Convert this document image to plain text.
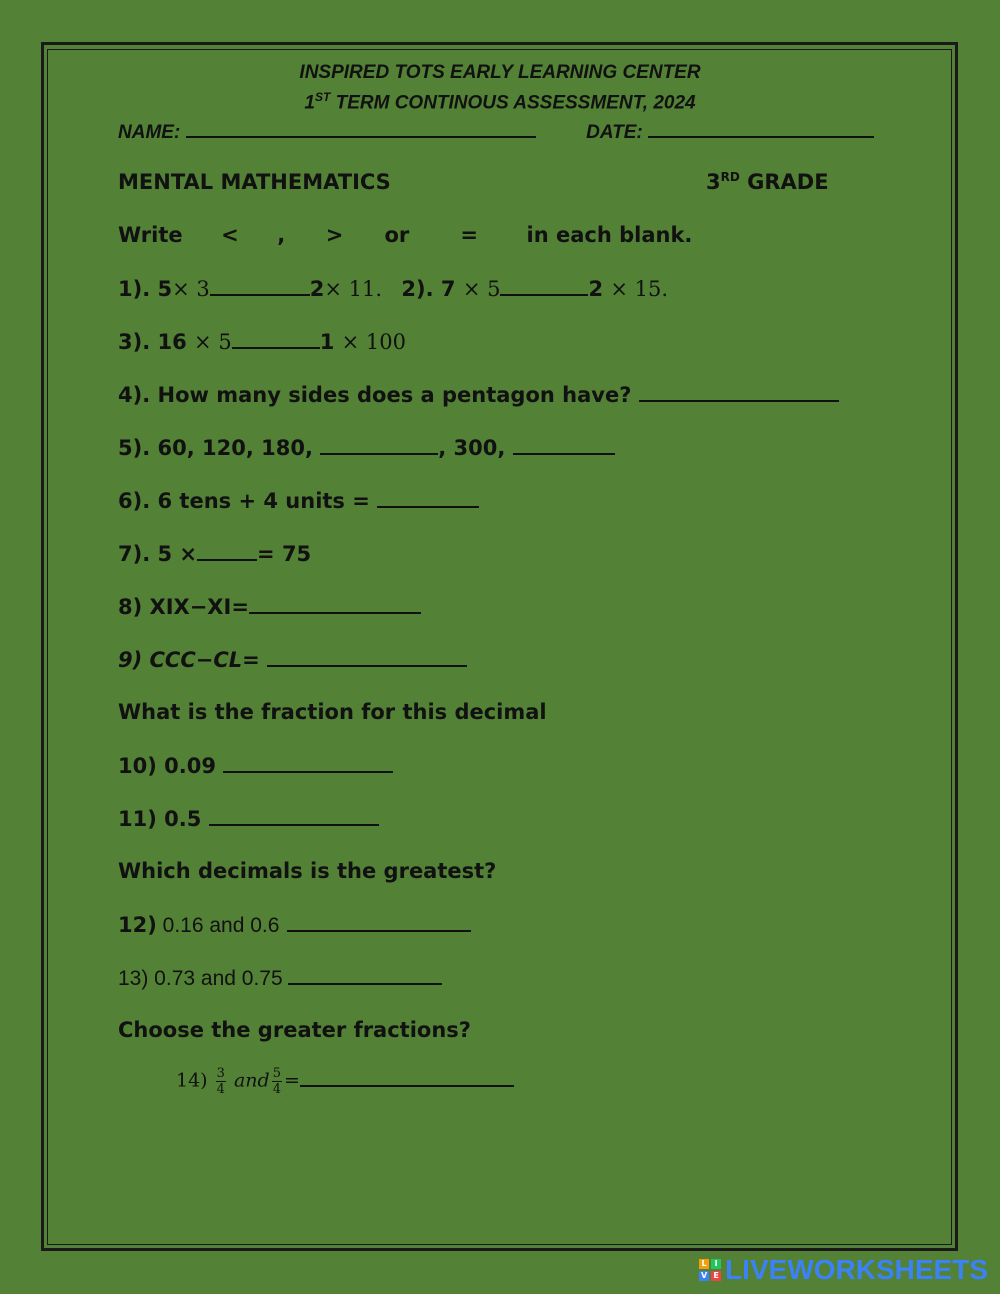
INSPIRED TOTS EARLY LEARNING CENTER
1ST TERM CONTINOUS ASSESSMENT, 2024
NAME:	DATE:
MENTAL MATHEMATICS	3RD GRADE
Write < , > or = in each blank.
1). 5× 3	2× 11. 2). 7 × 5	2 × 15.
3). 16 × 5	1 × 100
4). How many sides does a pentagon have?
5). 60, 120, 180,	, 300,
6). 6 tens + 4 units =
7). 5 ×	= 75
8) XIX−XI=
9) CCC−CL=
What is the fraction for this decimal
10) 0.09
11) 0.5
Which decimals is the greatest?
12) 0.16 and 0.6
13) 0.73 and 0.75
Choose the greater fractions?
$14) \frac{3}{4}$ and $\frac{5}{4}$ =
L I
V E LIVEWORKSHEETS
